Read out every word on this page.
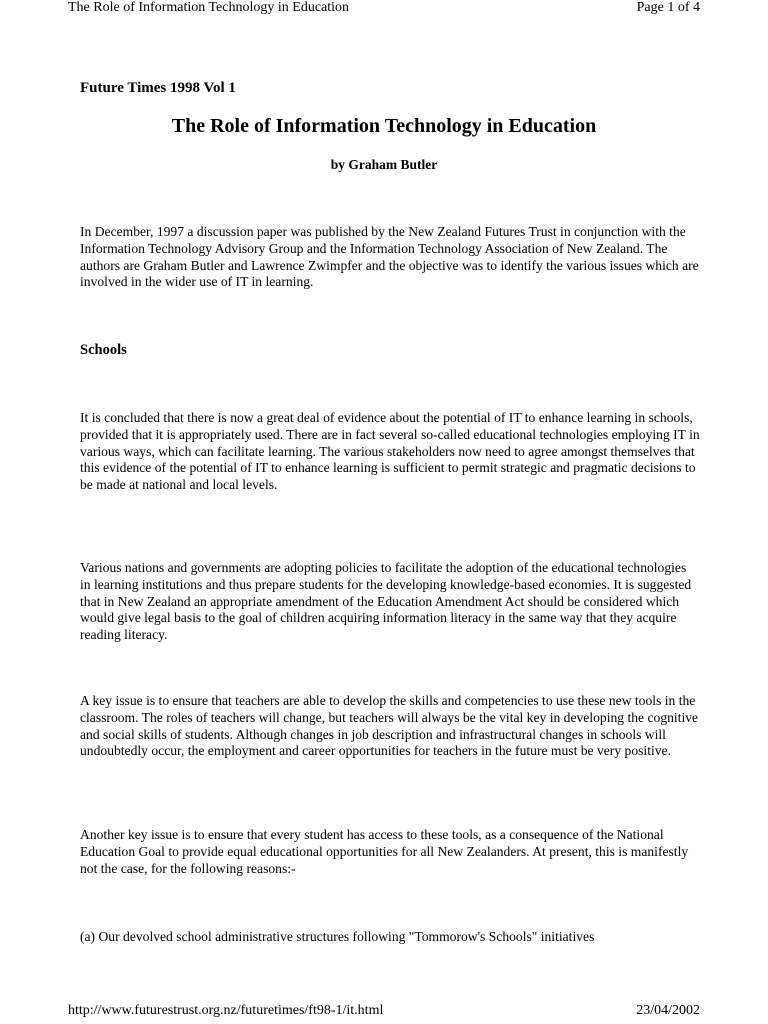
The Role of Information Technology in Education	Page 1 of 4
Future Times 1998 Vol 1
The Role of Information Technology in Education
by Graham Butler

In December, 1997 a discussion paper was published by the New Zealand Futures Trust in conjunction with the Information Technology Advisory Group and the Information Technology Association of New Zealand. The authors are Graham Butler and Lawrence Zwimpfer and the objective was to identify the various issues which are involved in the wider use of IT in learning.

Schools

It is concluded that there is now a great deal of evidence about the potential of IT to enhance learning in schools, provided that it is appropriately used. There are in fact several so-called educational technologies employing IT in various ways, which can facilitate learning. The various stakeholders now need to agree amongst themselves that this evidence of the potential of IT to enhance learning is sufficient to permit strategic and pragmatic decisions to be made at national and local levels.

Various nations and governments are adopting policies to facilitate the adoption of the educational technologies in learning institutions and thus prepare students for the developing knowledge-based economies. It is suggested that in New Zealand an appropriate amendment of the Education Amendment Act should be considered which would give legal basis to the goal of children acquiring information literacy in the same way that they acquire reading literacy.

A key issue is to ensure that teachers are able to develop the skills and competencies to use these new tools in the classroom. The roles of teachers will change, but teachers will always be the vital key in developing the cognitive and social skills of students. Although changes in job description and infrastructural changes in schools will undoubtedly occur, the employment and career opportunities for teachers in the future must be very positive.

Another key issue is to ensure that every student has access to these tools, as a consequence of the National Education Goal to provide equal educational opportunities for all New Zealanders. At present, this is manifestly not the case, for the following reasons:-

(a) Our devolved school administrative structures following "Tommorow's Schools" initiatives

http://www.futurestrust.org.nz/futuretimes/ft98-1/it.html	23/04/2002
